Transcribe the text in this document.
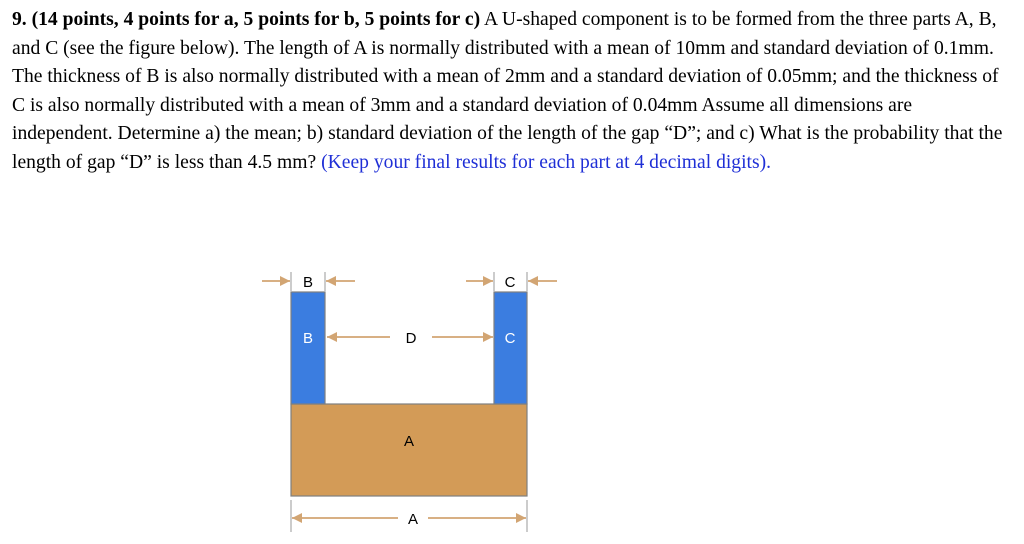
9. (14 points, 4 points for a, 5 points for b, 5 points for c) A U-shaped component is to be formed from the three parts A, B, and C (see the figure below). The length of A is normally distributed with a mean of 10mm and standard deviation of 0.1mm. The thickness of B is also normally distributed with a mean of 2mm and a standard deviation of 0.05mm; and the thickness of C is also normally distributed with a mean of 3mm and a standard deviation of 0.04mm Assume all dimensions are independent. Determine a) the mean; b) standard deviation of the length of the gap “D”; and c) What is the probability that the length of gap “D” is less than 4.5 mm? (Keep your final results for each part at 4 decimal digits).
B	C
B	C
A
D
A
